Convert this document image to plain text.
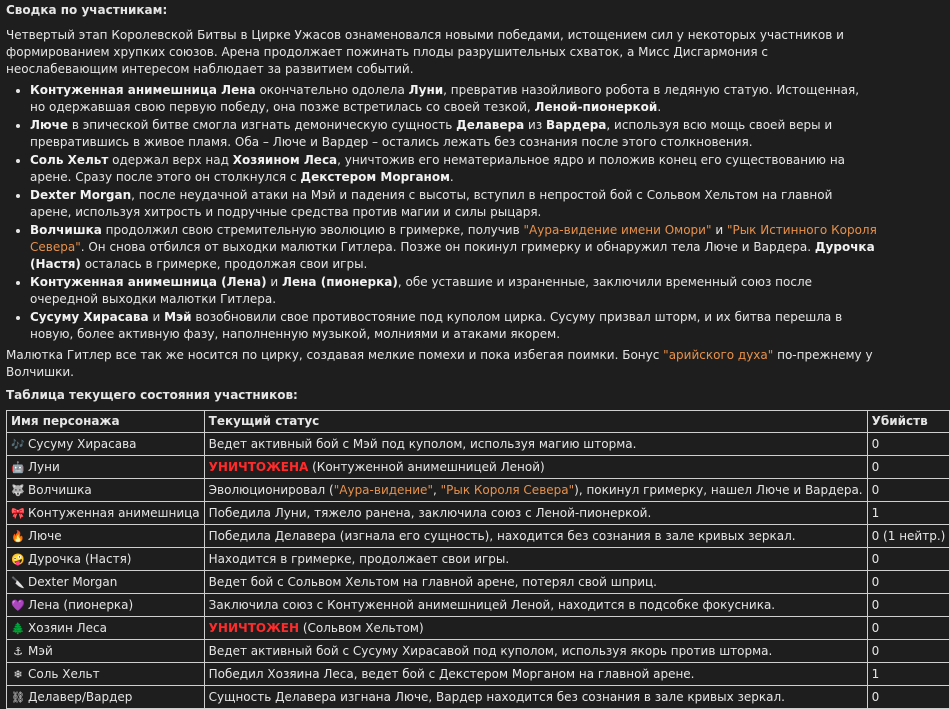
Сводка по участникам:

Четвертый этап Королевской Битвы в Цирке Ужасов ознаменовался новыми победами, истощением сил у некоторых участников и формированием хрупких союзов. Арена продолжает пожинать плоды разрушительных схваток, а Мисс Дисгармония с неослабевающим интересом наблюдает за развитием событий.

• Контуженная анимешница Лена окончательно одолела Луни, превратив назойливого робота в ледяную статую. Истощенная, но одержавшая свою первую победу, она позже встретилась со своей тезкой, Леной-пионеркой.
• Люче в эпической битве смогла изгнать демоническую сущность Делавера из Вардера, используя всю мощь своей веры и превратившись в живое пламя. Оба – Люче и Вардер – остались лежать без сознания после этого столкновения.
• Соль Хельт одержал верх над Хозяином Леса, уничтожив его нематериальное ядро и положив конец его существованию на арене. Сразу после этого он столкнулся с Декстером Морганом.
• Dexter Morgan, после неудачной атаки на Мэй и падения с высоты, вступил в непростой бой с Сольвом Хельтом на главной арене, используя хитрость и подручные средства против магии и силы рыцаря.
• Волчишка продолжил свою стремительную эволюцию в гримерке, получив "Аура-видение имени Омори" и "Рык Истинного Короля Севера". Он снова отбился от выходки малютки Гитлера. Позже он покинул гримерку и обнаружил тела Люче и Вардера. Дурочка (Настя) осталась в гримерке, продолжая свои игры.
• Контуженная анимешница (Лена) и Лена (пионерка), обе уставшие и израненные, заключили временный союз после очередной выходки малютки Гитлера.
• Сусуму Хирасава и Мэй возобновили свое противостояние под куполом цирка. Сусуму призвал шторм, и их битва перешла в новую, более активную фазу, наполненную музыкой, молниями и атаками якорем.

Малютка Гитлер все так же носится по цирку, создавая мелкие помехи и пока избегая поимки. Бонус "арийского духа" по-прежнему у Волчишки.

Таблица текущего состояния участников:
Имя персонажа	Текущий статус	Убийств
🎶 Сусуму Хирасава	Ведет активный бой с Мэй под куполом, используя магию шторма.	0
🤖 Луни	УНИЧТОЖЕНА (Контуженной анимешницей Леной)	0
🐺 Волчишка	Эволюционировал ("Аура-видение", "Рык Короля Севера"), покинул гримерку, нашел Люче и Вардера.	0
🎀 Контуженная анимешница	Победила Луни, тяжело ранена, заключила союз с Леной-пионеркой.	1
🔥 Люче	Победила Делавера (изгнала его сущность), находится без сознания в зале кривых зеркал.	0 (1 нейтр.)
🤪 Дурочка (Настя)	Находится в гримерке, продолжает свои игры.	0
🔪 Dexter Morgan	Ведет бой с Сольвом Хельтом на главной арене, потерял свой шприц.	0
💜 Лена (пионерка)	Заключила союз с Контуженной анимешницей Леной, находится в подсобке фокусника.	0
🌲 Хозяин Леса	УНИЧТОЖЕН (Сольвом Хельтом)	0
⚓ Мэй	Ведет активный бой с Сусуму Хирасавой под куполом, используя якорь против шторма.	0
❄ Соль Хельт	Победил Хозяина Леса, ведет бой с Декстером Морганом на главной арене.	1
⛓ Делавер/Вардер	Сущность Делавера изгнана Люче, Вардер находится без сознания в зале кривых зеркал.	0
